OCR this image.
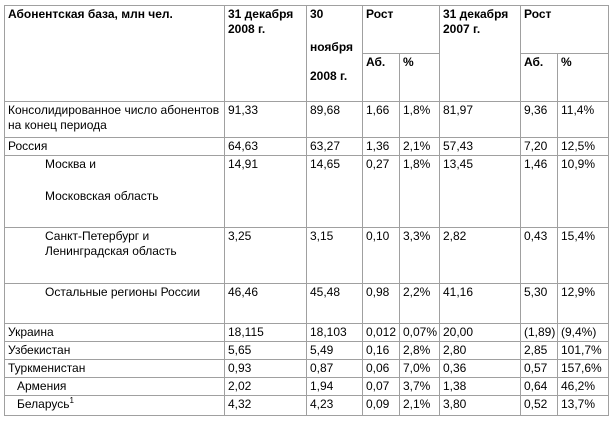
Абонентская база, млн чел.	31 декабря 2008 г.	30
ноября
2008 г.	Рост		31 декабря 2007 г.	Рост	
			Аб.	%		Аб.	%
Консолидированное число абонентов на конец периода	91,33	89,68	1,66	1,8%	81,97	9,36	11,4%
Россия	64,63	63,27	1,36	2,1%	57,43	7,20	12,5%

Москва и
Московская область	14,91	14,65	0,27	1,8%	13,45	1,46	10,9%
Санкт-Петербург и Ленинградская область	3,25	3,15	0,10	3,3%	2,82	0,43	15,4%
Остальные регионы России	46,46	45,48	0,98	2,2%	41,16	5,30	12,9%
Украина	18,115	18,103	0,012	0,07%	20,00	(1,89)	(9,4%)
Узбекистан	5,65	5,49	0,16	2,8%	2,80	2,85	101,7%
Туркменистан	0,93	0,87	0,06	7,0%	0,36	0,57	157,6%
Армения	2,02	1,94	0,07	3,7%	1,38	0,64	46,2%
Беларусь$^1$	4,32	4,23	0,09	2,1%	3,80	0,52	13,7%
